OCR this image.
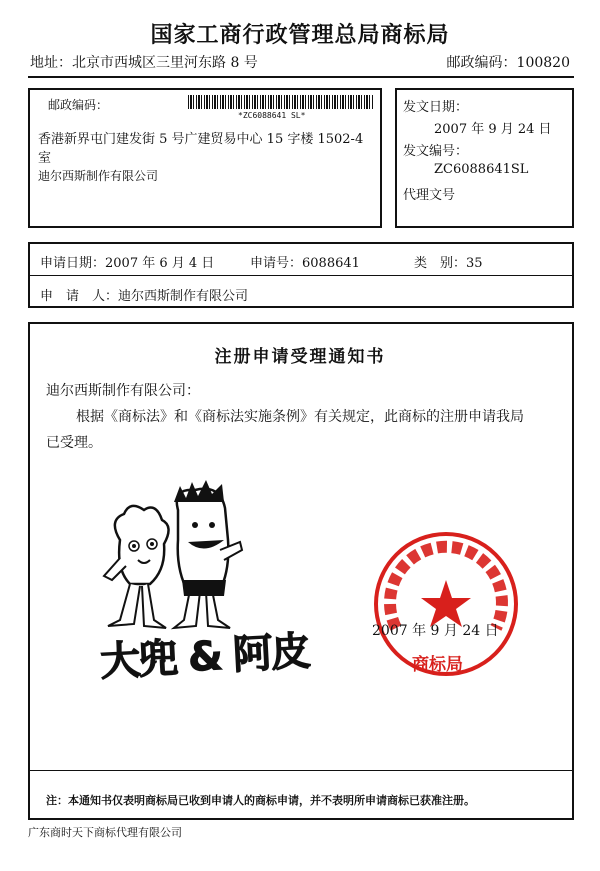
国家工商行政管理总局商标局
地址：北京市西城区三里河东路 8 号	邮政编码：100820
邮政编码：
*ZC6088641 SL*
香港新界屯门建发街 5 号广建贸易中心 15 字楼 1502-4
室
迪尔西斯制作有限公司
发文日期：
2007 年 9 月 24 日
发文编号：
ZC6088641SL
代理文号
申请日期：2007 年 6 月 4 日	申请号：6088641	类　别：35
申　请　人：迪尔西斯制作有限公司
注册申请受理通知书
迪尔西斯制作有限公司：
根据《商标法》和《商标法实施条例》有关规定，此商标的注册申请我局
已受理。
大兜 & 阿皮	商标局
2007 年 9 月 24 日
注：本通知书仅表明商标局已收到申请人的商标申请，并不表明所申请商标已获准注册。
广东商时天下商标代理有限公司
